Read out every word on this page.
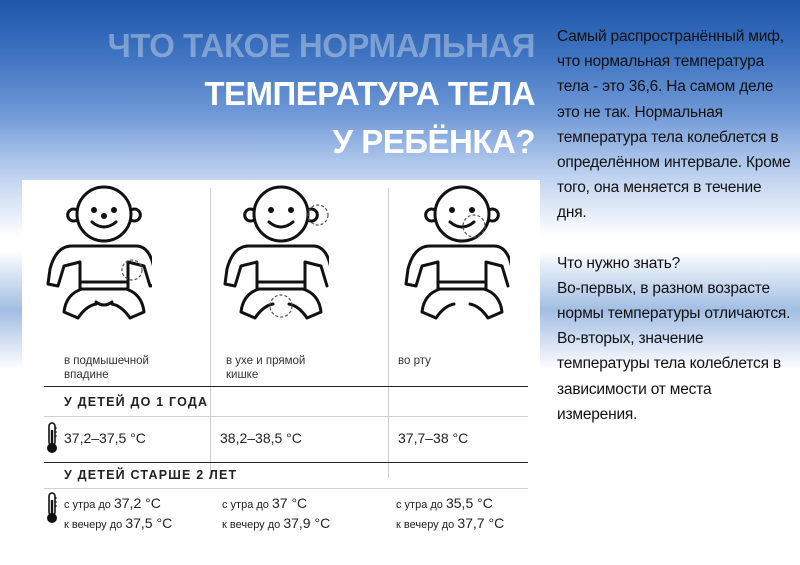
ЧТО ТАКОЕ НОРМАЛЬНАЯ
ТЕМПЕРАТУРА ТЕЛА
У РЕБЁНКА?

Самый распространённый миф, что нормальная температура тела - это 36,6. На самом деле это не так. Нормальная температура тела колеблется в определённом интервале. Кроме того, она меняется в течение дня.

Что нужно знать?

Во-первых, в разном возрасте нормы температуры отличаются.

Во-вторых, значение температуры тела колеблется в зависимости от места измерения.

в подмышечной
впадине
в ухе и прямой
кишке
во рту
У ДЕТЕЙ ДО 1 ГОДА
37,2–37,5 °C	38,2–38,5 °C	37,7–38 °C
У ДЕТЕЙ СТАРШЕ 2 ЛЕТ
с утра до 37,2 °C
к вечеру до 37,5 °C
с утра до 37 °C
к вечеру до 37,9 °C
с утра до 35,5 °C
к вечеру до 37,7 °C
